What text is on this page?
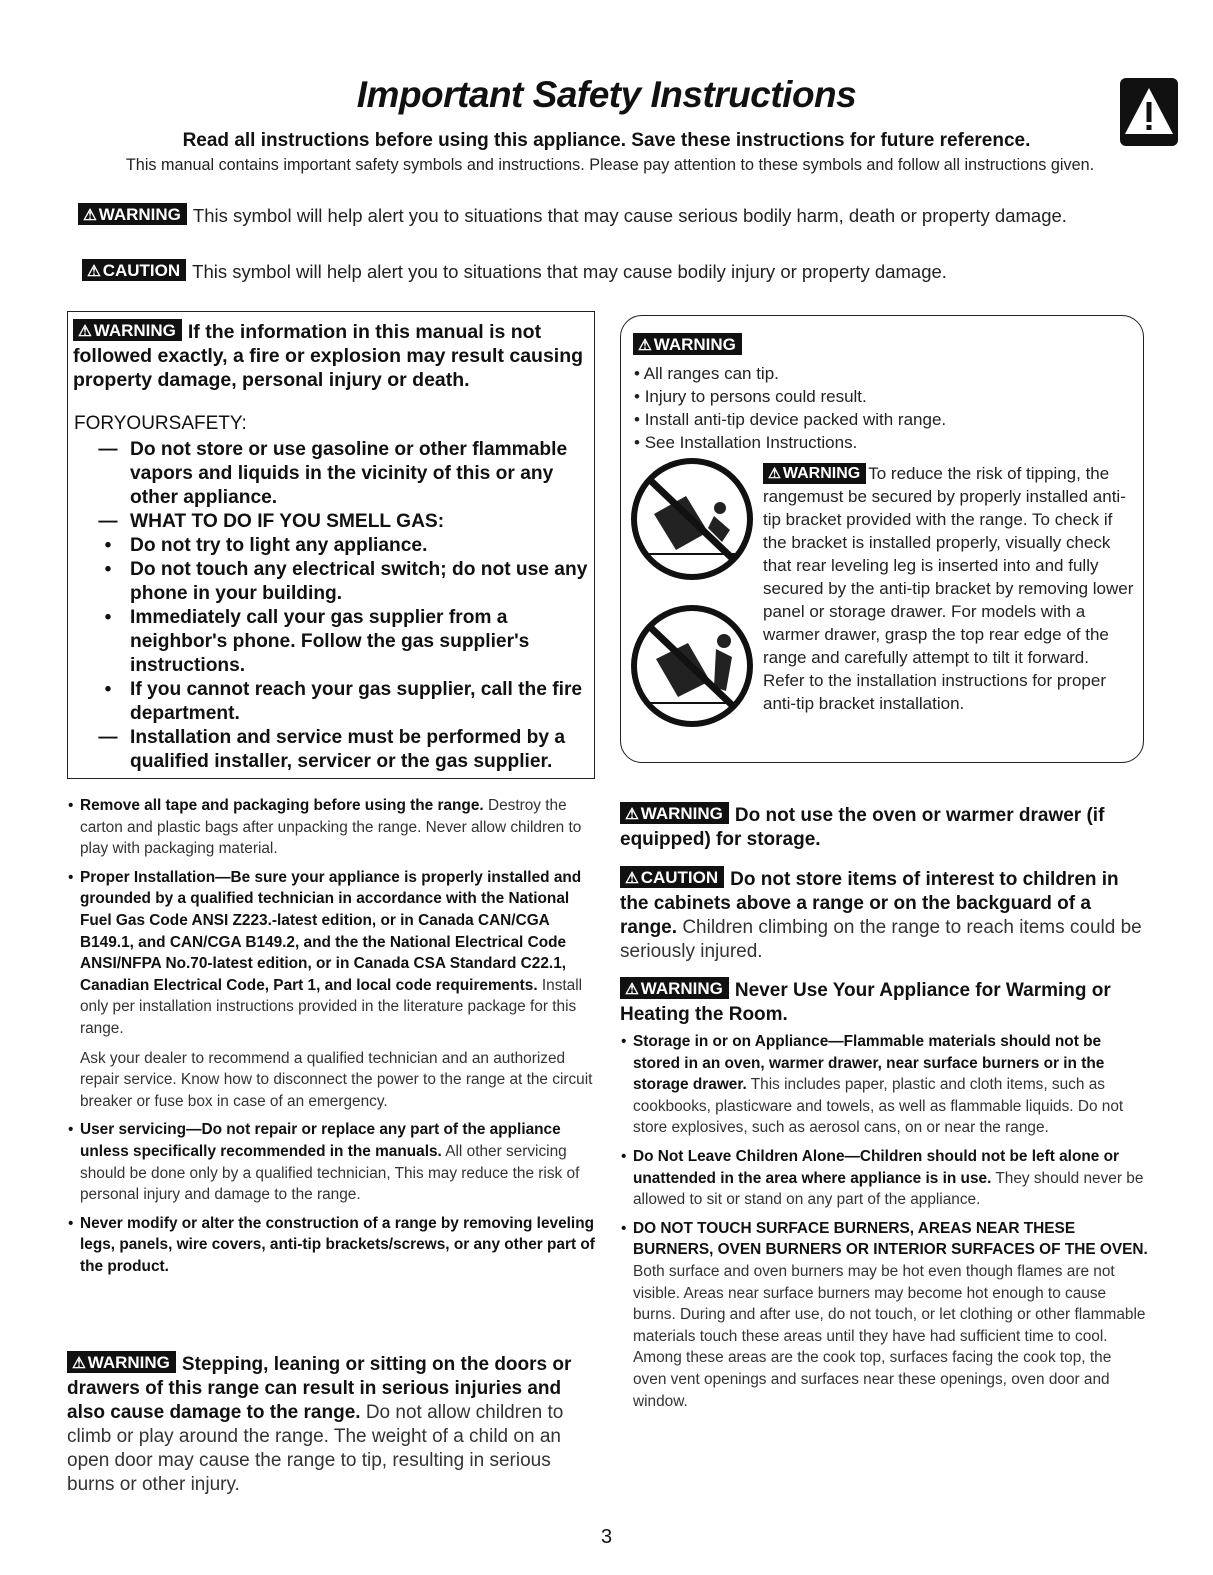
Important Safety Instructions
Read all instructions before using this appliance. Save these instructions for future reference.
This manual contains important safety symbols and instructions. Please pay attention to these symbols and follow all instructions given.
⚠ WARNING This symbol will help alert you to situations that may cause serious bodily harm, death or property damage.
⚠ CAUTION This symbol will help alert you to situations that may cause bodily injury or property damage.
⚠ WARNING If the information in this manual is not followed exactly, a fire or explosion may result causing property damage, personal injury or death.
FORYOURSAFETY:
— Do not store or use gasoline or other flammable vapors and liquids in the vicinity of this or any other appliance.
— WHAT TO DO IF YOU SMELL GAS:
• Do not try to light any appliance.
• Do not touch any electrical switch; do not use any phone in your building.
• Immediately call your gas supplier from a neighbor's phone. Follow the gas supplier's instructions.
• If you cannot reach your gas supplier, call the fire department.
— Installation and service must be performed by a qualified installer, servicer or the gas supplier.
⚠ WARNING
• All ranges can tip.
• Injury to persons could result.
• Install anti-tip device packed with range.
• See Installation Instructions.
⚠ WARNING To reduce the risk of tipping, the rangemust be secured by properly installed anti-tip bracket provided with the range. To check if the bracket is installed properly, visually check that rear leveling leg is inserted into and fully secured by the anti-tip bracket by removing lower panel or storage drawer. For models with a warmer drawer, grasp the top rear edge of the range and carefully attempt to tilt it forward. Refer to the installation instructions for proper anti-tip bracket installation.
• Remove all tape and packaging before using the range. Destroy the carton and plastic bags after unpacking the range. Never allow children to play with packaging material.
• Proper Installation—Be sure your appliance is properly installed and grounded by a qualified technician in accordance with the National Fuel Gas Code ANSI Z223.-latest edition, or in Canada CAN/CGA B149.1, and CAN/CGA B149.2, and the the National Electrical Code ANSI/NFPA No.70-latest edition, or in Canada CSA Standard C22.1, Canadian Electrical Code, Part 1, and local code requirements. Install only per installation instructions provided in the literature package for this range.
Ask your dealer to recommend a qualified technician and an authorized repair service. Know how to disconnect the power to the range at the circuit breaker or fuse box in case of an emergency.
• User servicing—Do not repair or replace any part of the appliance unless specifically recommended in the manuals. All other servicing should be done only by a qualified technician, This may reduce the risk of personal injury and damage to the range.
• Never modify or alter the construction of a range by removing leveling legs, panels, wire covers, anti-tip brackets/screws, or any other part of the product.
⚠ WARNING Stepping, leaning or sitting on the doors or drawers of this range can result in serious injuries and also cause damage to the range. Do not allow children to climb or play around the range. The weight of a child on an open door may cause the range to tip, resulting in serious burns or other injury.
⚠ WARNING Do not use the oven or warmer drawer (if equipped) for storage.
⚠ CAUTION Do not store items of interest to children in the cabinets above a range or on the backguard of a range. Children climbing on the range to reach items could be seriously injured.
⚠ WARNING Never Use Your Appliance for Warming or Heating the Room.
• Storage in or on Appliance—Flammable materials should not be stored in an oven, warmer drawer, near surface burners or in the storage drawer. This includes paper, plastic and cloth items, such as cookbooks, plasticware and towels, as well as flammable liquids. Do not store explosives, such as aerosol cans, on or near the range.
• Do Not Leave Children Alone—Children should not be left alone or unattended in the area where appliance is in use. They should never be allowed to sit or stand on any part of the appliance.
• DO NOT TOUCH SURFACE BURNERS, AREAS NEAR THESE BURNERS, OVEN BURNERS OR INTERIOR SURFACES OF THE OVEN. Both surface and oven burners may be hot even though flames are not visible. Areas near surface burners may become hot enough to cause burns. During and after use, do not touch, or let clothing or other flammable materials touch these areas until they have had sufficient time to cool. Among these areas are the cook top, surfaces facing the cook top, the oven vent openings and surfaces near these openings, oven door and window.
3
